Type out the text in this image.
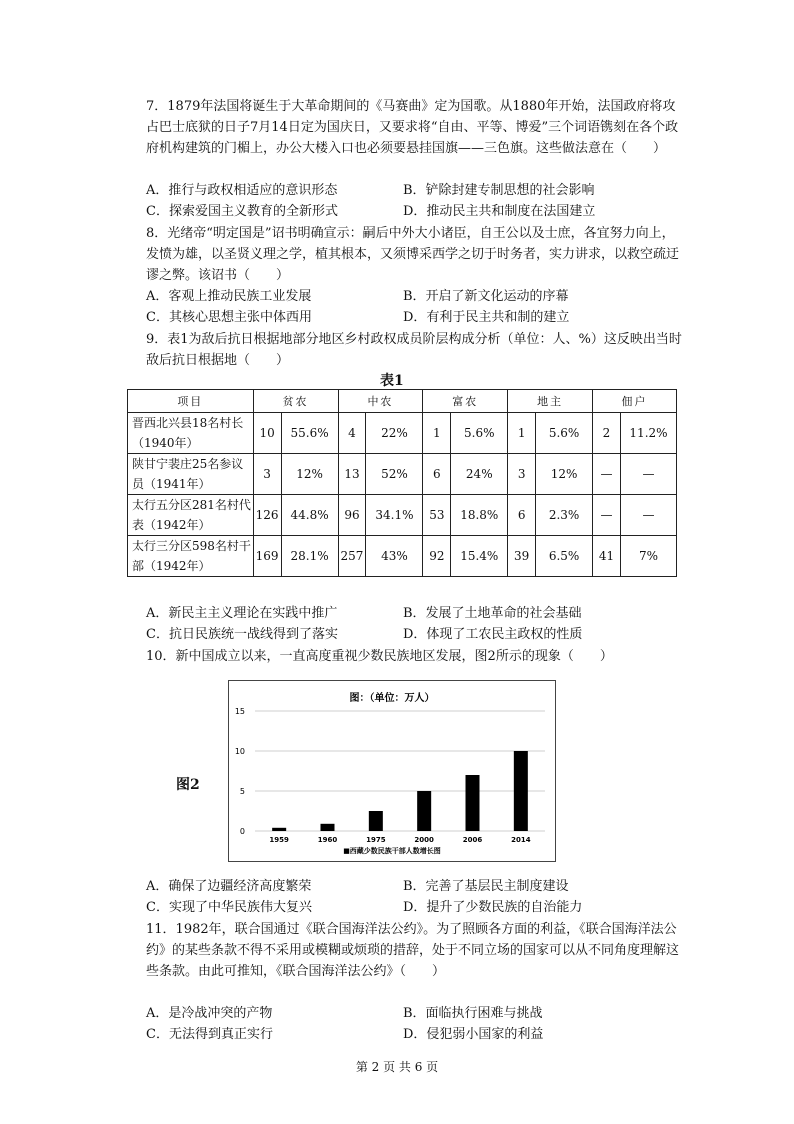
7．1879年法国将诞生于大革命期间的《马赛曲》定为国歌。从1880年开始，法国政府将攻占巴士底狱的日子7月14日定为国庆日，又要求将“自由、平等、博爱”三个词语镌刻在各个政府机构建筑的门楣上，办公大楼入口也必须要悬挂国旗——三色旗。这些做法意在（　　）
A．推行与政权相适应的意识形态	B．铲除封建专制思想的社会影响
C．探索爱国主义教育的全新形式	D．推动民主共和制度在法国建立
8．光绪帝“明定国是”诏书明确宣示：嗣后中外大小诸臣，自王公以及士庶，各宜努力向上，发愤为雄，以圣贤义理之学，植其根本，又须博采西学之切于时务者，实力讲求，以救空疏迂谬之弊。该诏书（　　）
A．客观上推动民族工业发展	B．开启了新文化运动的序幕
C．其核心思想主张中体西用	D．有利于民主共和制的建立
9．表1为敌后抗日根据地部分地区乡村政权成员阶层构成分析（单位：人、%）这反映出当时敌后抗日根据地（　　）
表1
项目	贫农		中农		富农		地主		佃户	
晋西北兴县18名村长（1940年）	10	55.6%	4	22%	1	5.6%	1	5.6%	2	11.2%
陕甘宁裴庄25名参议员（1941年）	3	12%	13	52%	6	24%	3	12%	—	—
太行五分区281名村代表（1942年）	126	44.8%	96	34.1%	53	18.8%	6	2.3%	—	—
太行三分区598名村干部（1942年）	169	28.1%	257	43%	92	15.4%	39	6.5%	41	7%
A．新民主主义理论在实践中推广	B．发展了土地革命的社会基础
C．抗日民族统一战线得到了落实	D．体现了工农民主政权的性质
10．新中国成立以来，一直高度重视少数民族地区发展，图2所示的现象（　　）
图2
图：（单位：万人）
0
5
10
15
1959	1960	1975	2000	2006	2014
■西藏少数民族干部人数增长图
A．确保了边疆经济高度繁荣	B．完善了基层民主制度建设
C．实现了中华民族伟大复兴	D．提升了少数民族的自治能力
11．1982年，联合国通过《联合国海洋法公约》。为了照顾各方面的利益，《联合国海洋法公约》的某些条款不得不采用或模糊或烦琐的措辞，处于不同立场的国家可以从不同角度理解这些条款。由此可推知，《联合国海洋法公约》（　　）
A．是冷战冲突的产物	B．面临执行困难与挑战
C．无法得到真正实行	D．侵犯弱小国家的利益
第 2 页 共 6 页
